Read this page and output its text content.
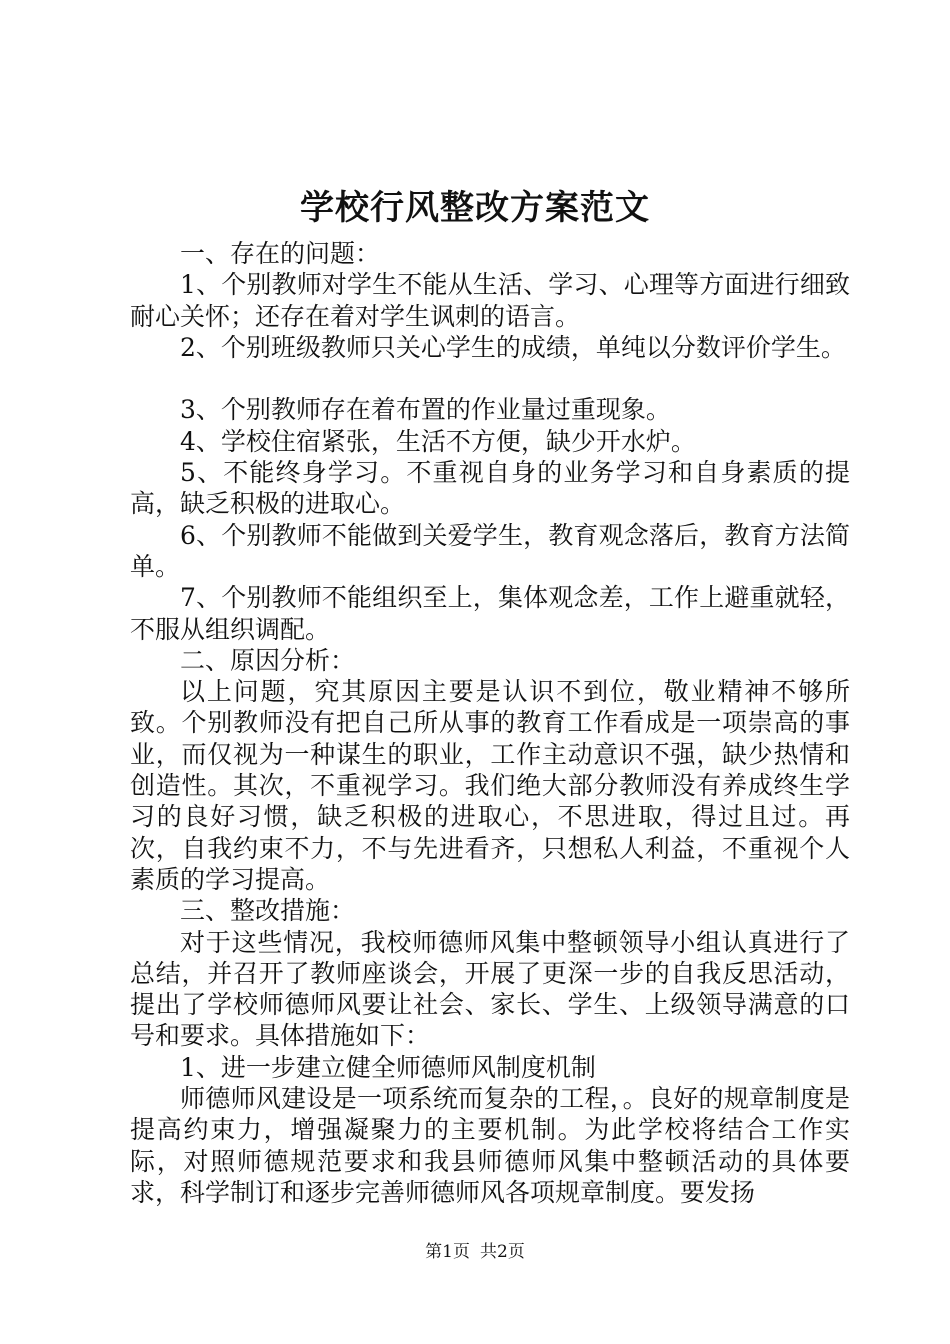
学校行风整改方案范文

一、存在的问题：

1、个别教师对学生不能从生活、学习、心理等方面进行细致耐心关怀；还存在着对学生讽刺的语言。

2、个别班级教师只关心学生的成绩，单纯以分数评价学生。

3、个别教师存在着布置的作业量过重现象。

4、学校住宿紧张，生活不方便，缺少开水炉。

5、不能终身学习。不重视自身的业务学习和自身素质的提高，缺乏积极的进取心。

6、个别教师不能做到关爱学生，教育观念落后，教育方法简单。

7、个别教师不能组织至上，集体观念差，工作上避重就轻，不服从组织调配。

二、原因分析：

以上问题，究其原因主要是认识不到位，敬业精神不够所致。个别教师没有把自己所从事的教育工作看成是一项崇高的事业，而仅视为一种谋生的职业，工作主动意识不强，缺少热情和创造性。其次，不重视学习。我们绝大部分教师没有养成终生学习的良好习惯，缺乏积极的进取心，不思进取，得过且过。再次，自我约束不力，不与先进看齐，只想私人利益，不重视个人素质的学习提高。

三、整改措施：

对于这些情况，我校师德师风集中整顿领导小组认真进行了总结，并召开了教师座谈会，开展了更深一步的自我反思活动，提出了学校师德师风要让社会、家长、学生、上级领导满意的口号和要求。具体措施如下：

1、进一步建立健全师德师风制度机制

师德师风建设是一项系统而复杂的工程，。良好的规章制度是提高约束力，增强凝聚力的主要机制。为此学校将结合工作实际，对照师德规范要求和我县师德师风集中整顿活动的具体要求，科学制订和逐步完善师德师风各项规章制度。要发扬

第1页 共2页
